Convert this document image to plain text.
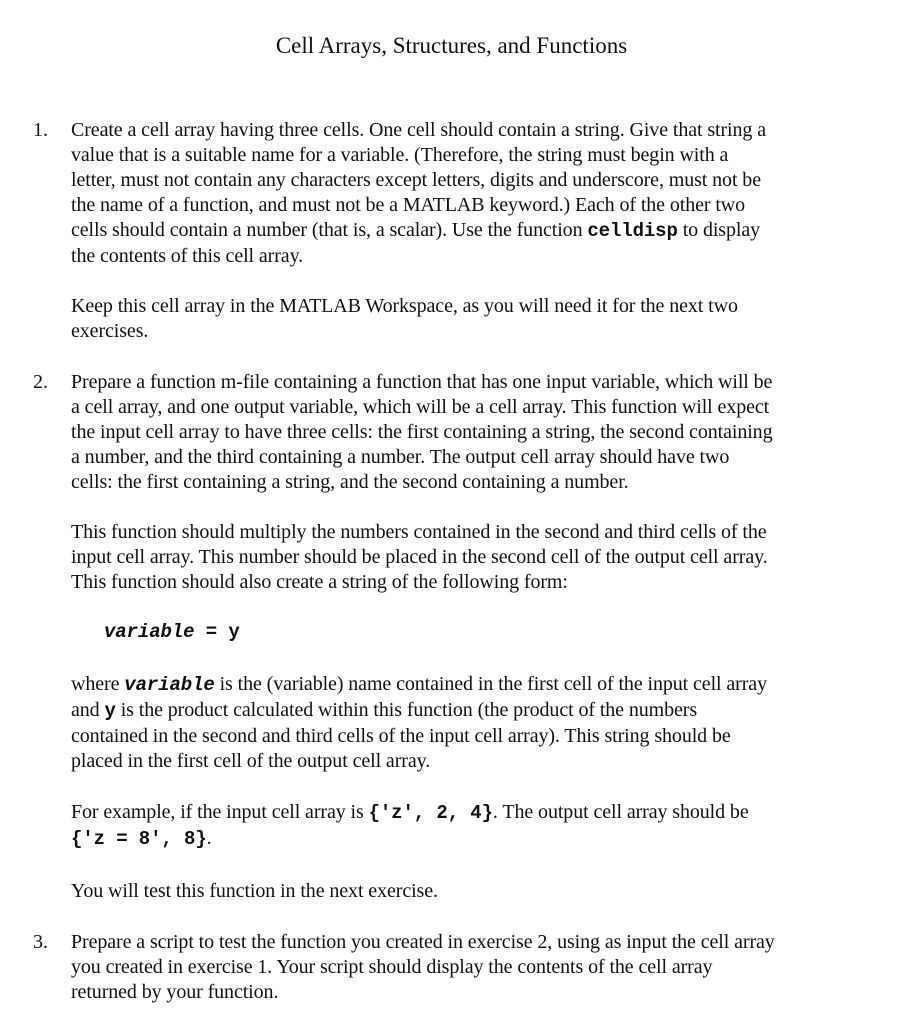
Cell Arrays, Structures, and Functions
1. Create a cell array having three cells. One cell should contain a string. Give that string a
value that is a suitable name for a variable. (Therefore, the string must begin with a
letter, must not contain any characters except letters, digits and underscore, must not be
the name of a function, and must not be a MATLAB keyword.) Each of the other two
cells should contain a number (that is, a scalar). Use the function celldisp to display
the contents of this cell array.
Keep this cell array in the MATLAB Workspace, as you will need it for the next two
exercises.
2. Prepare a function m-file containing a function that has one input variable, which will be
a cell array, and one output variable, which will be a cell array. This function will expect
the input cell array to have three cells: the first containing a string, the second containing
a number, and the third containing a number. The output cell array should have two
cells: the first containing a string, and the second containing a number.
This function should multiply the numbers contained in the second and third cells of the
input cell array. This number should be placed in the second cell of the output cell array.
This function should also create a string of the following form:
variable = y
where variable is the (variable) name contained in the first cell of the input cell array
and y is the product calculated within this function (the product of the numbers
contained in the second and third cells of the input cell array). This string should be
placed in the first cell of the output cell array.
For example, if the input cell array is {'z', 2, 4}. The output cell array should be
{'z = 8', 8}.
You will test this function in the next exercise.
3. Prepare a script to test the function you created in exercise 2, using as input the cell array
you created in exercise 1. Your script should display the contents of the cell array
returned by your function.
